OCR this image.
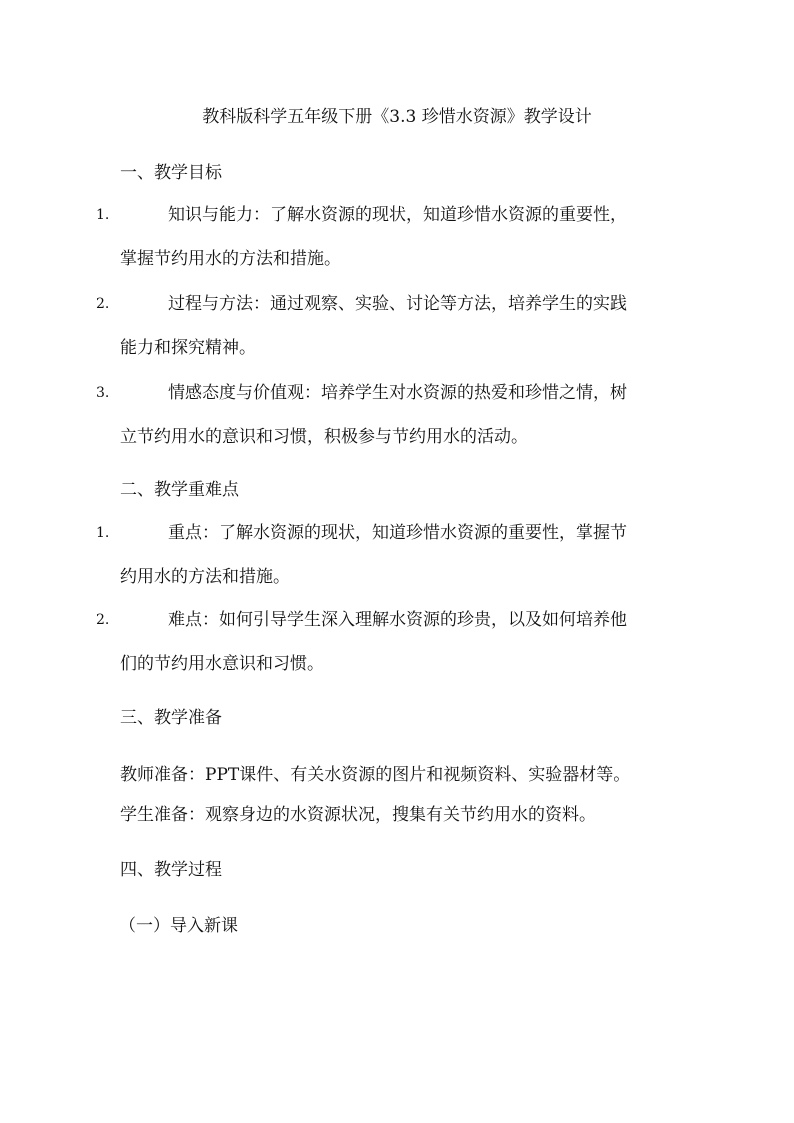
教科版科学五年级下册《3.3 珍惜水资源》教学设计
一、教学目标
1.	知识与能力：了解水资源的现状，知道珍惜水资源的重要性，
掌握节约用水的方法和措施。
2.	过程与方法：通过观察、实验、讨论等方法，培养学生的实践
能力和探究精神。
3.	情感态度与价值观：培养学生对水资源的热爱和珍惜之情，树
立节约用水的意识和习惯，积极参与节约用水的活动。
二、教学重难点
1.	重点：了解水资源的现状，知道珍惜水资源的重要性，掌握节
约用水的方法和措施。
2.	难点：如何引导学生深入理解水资源的珍贵，以及如何培养他
们的节约用水意识和习惯。
三、教学准备
教师准备：PPT课件、有关水资源的图片和视频资料、实验器材等。
学生准备：观察身边的水资源状况，搜集有关节约用水的资料。
四、教学过程
（一）导入新课
